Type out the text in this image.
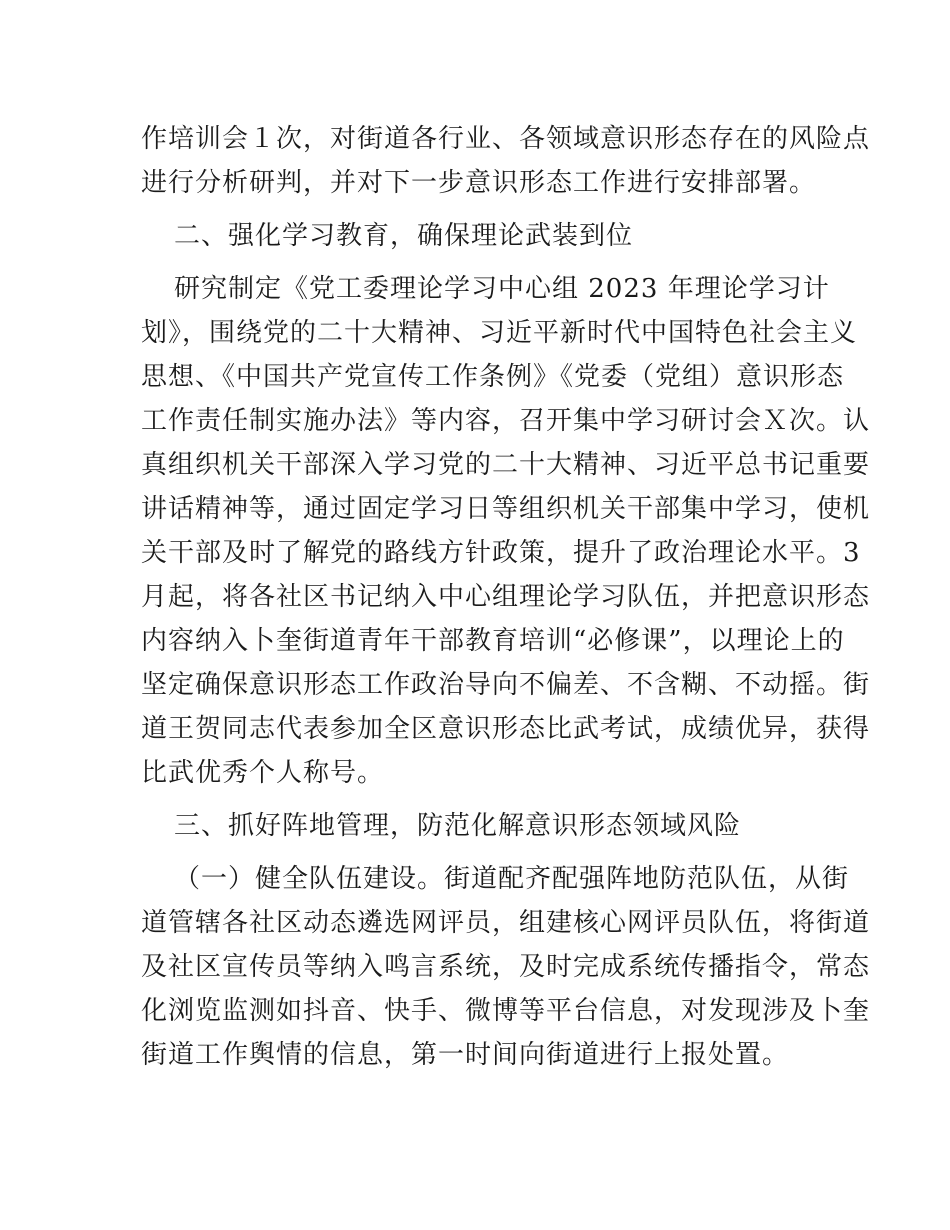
作培训会１次，对街道各行业、各领域意识形态存在的风险点
进行分析研判，并对下一步意识形态工作进行安排部署。
二、强化学习教育，确保理论武装到位
研究制定《党工委理论学习中心组 2023 年理论学习计
划》，围绕党的二十大精神、习近平新时代中国特色社会主义
思想、《中国共产党宣传工作条例》《党委（党组）意识形态
工作责任制实施办法》等内容，召开集中学习研讨会Ｘ次。认
真组织机关干部深入学习党的二十大精神、习近平总书记重要
讲话精神等，通过固定学习日等组织机关干部集中学习，使机
关干部及时了解党的路线方针政策，提升了政治理论水平。3
月起，将各社区书记纳入中心组理论学习队伍，并把意识形态
内容纳入卜奎街道青年干部教育培训“必修课”，以理论上的
坚定确保意识形态工作政治导向不偏差、不含糊、不动摇。街
道王贺同志代表参加全区意识形态比武考试，成绩优异，获得
比武优秀个人称号。
三、抓好阵地管理，防范化解意识形态领域风险
（一）健全队伍建设。街道配齐配强阵地防范队伍，从街
道管辖各社区动态遴选网评员，组建核心网评员队伍，将街道
及社区宣传员等纳入鸣言系统，及时完成系统传播指令，常态
化浏览监测如抖音、快手、微博等平台信息，对发现涉及卜奎
街道工作舆情的信息，第一时间向街道进行上报处置。
